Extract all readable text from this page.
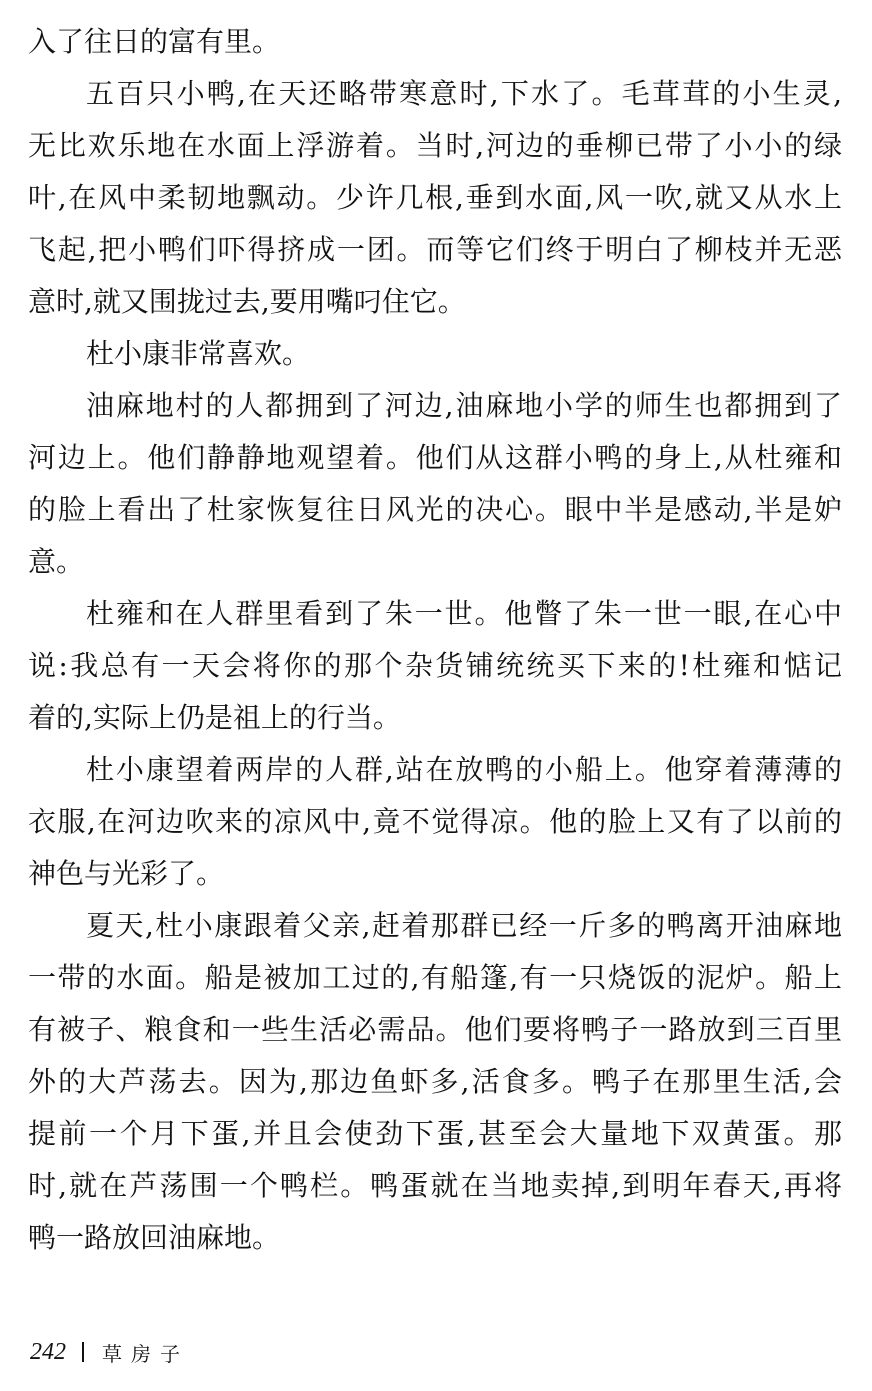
入了往日的富有里。
五百只小鸭,在天还略带寒意时,下水了。毛茸茸的小生灵,
无比欢乐地在水面上浮游着。当时,河边的垂柳已带了小小的绿
叶,在风中柔韧地飘动。少许几根,垂到水面,风一吹,就又从水上
飞起,把小鸭们吓得挤成一团。而等它们终于明白了柳枝并无恶
意时,就又围拢过去,要用嘴叼住它。
杜小康非常喜欢。
油麻地村的人都拥到了河边,油麻地小学的师生也都拥到了
河边上。他们静静地观望着。他们从这群小鸭的身上,从杜雍和
的脸上看出了杜家恢复往日风光的决心。眼中半是感动,半是妒
意。
杜雍和在人群里看到了朱一世。他瞥了朱一世一眼,在心中
说:我总有一天会将你的那个杂货铺统统买下来的!杜雍和惦记
着的,实际上仍是祖上的行当。
杜小康望着两岸的人群,站在放鸭的小船上。他穿着薄薄的
衣服,在河边吹来的凉风中,竟不觉得凉。他的脸上又有了以前的
神色与光彩了。
夏天,杜小康跟着父亲,赶着那群已经一斤多的鸭离开油麻地
一带的水面。船是被加工过的,有船篷,有一只烧饭的泥炉。船上
有被子、粮食和一些生活必需品。他们要将鸭子一路放到三百里
外的大芦荡去。因为,那边鱼虾多,活食多。鸭子在那里生活,会
提前一个月下蛋,并且会使劲下蛋,甚至会大量地下双黄蛋。那
时,就在芦荡围一个鸭栏。鸭蛋就在当地卖掉,到明年春天,再将
鸭一路放回油麻地。
242 草房子
